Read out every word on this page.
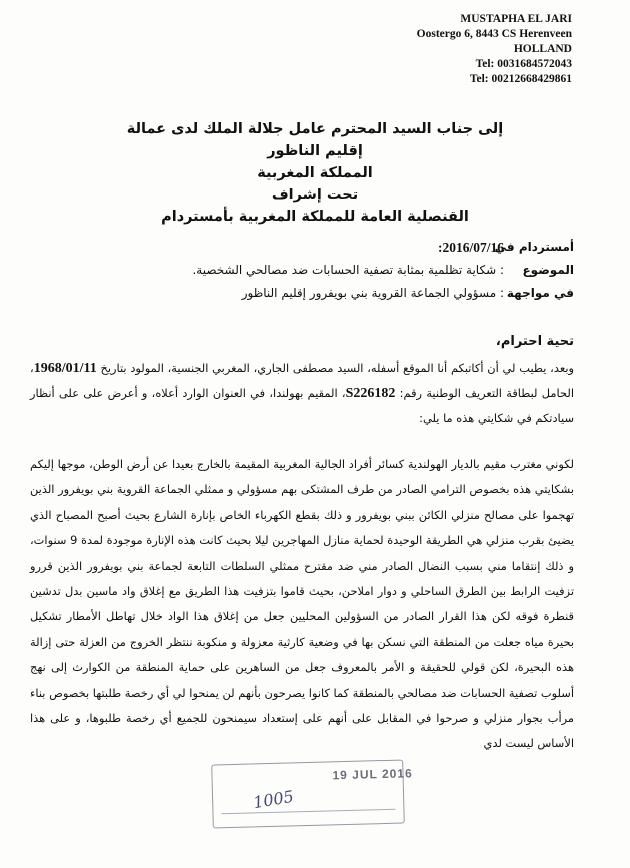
MUSTAPHA EL JARI
Oostergo 6, 8443 CS Herenveen
HOLLAND
Tel: 0031684572043
Tel: 00212668429861
إلى جناب السيد المحترم عامل جلالة الملك لدى عمالة
إقليم الناظور
المملكة المغربية
تحت إشراف
القنصلية العامة للمملكة المغربية بأمستردام
أمستردام في
2016/07/16:
الموضوع
: شكاية تظلمية بمثابة تصفية الحسابات ضد مصالحي الشخصية.
في مواجهة
: مسؤولي الجماعة القروية بني بويفرور إقليم الناظور
تحية احترام،
وبعد، يطيب لي أن أكاتبكم أنا الموقع أسفله، السيد مصطفى الجاري، المغربي الجنسية، المولود بتاريخ 1968/01/11، الحامل لبطاقة التعريف الوطنية رقم: S226182، المقيم بهولندا، في العنوان الوارد أعلاه، و أعرض على على أنظار سيادتكم في شكايتي هذه ما يلي:
لكوني مغترب مقيم بالديار الهولندية كسائر أفراد الجالية المغربية المقيمة بالخارج بعيدا عن أرض الوطن، موجها إليكم بشكايتي هذه بخصوص الترامي الصادر من طرف المشتكى بهم مسؤولي و ممثلي الجماعة القروية بني بويفرور الذين تهجموا على مصالح منزلي الكائن ببني بويفرور و ذلك بقطع الكهرباء الخاص بإنارة الشارع بحيث أصبح المصباح الذي يضيئ بقرب منزلي هي الطريقة الوحيدة لحماية منازل المهاجرين ليلا بحيث كانت هذه الإنارة موجودة لمدة 9 سنوات، و ذلك إنتقاما مني بسبب النضال الصادر مني ضد مقترح ممثلي السلطات التابعة لجماعة بني بويفرور الذين قررو تزفيت الرابط بين الطرق الساحلي و دوار املاحن، بحيث قاموا بتزفيت هذا الطريق مع إغلاق واد ماسين بدل تدشين قنطرة فوقه لكن هذا القرار الصادر من السؤولين المحليين جعل من إغلاق هذا الواد خلال تهاطل الأمطار تشكيل بحيرة مياه جعلت من المنطقة التي نسكن بها في وضعية كارثية معزولة و منكوبة ننتظر الخروج من العزلة حتى إزالة هذه البحيرة، لكن قولي للحقيقة و الأمر بالمعروف جعل من الساهرين على حماية المنطقة من الكوارث إلى نهج أسلوب تصفية الحسابات ضد مصالحي بالمنطقة كما كانوا يصرحون بأنهم لن يمنحوا لي أي رخصة طلبتها بخصوص بناء مرأب بجوار منزلي و صرحوا في المقابل على أنهم على إستعداد سيمنحون للجميع أي رخصة طلبوها، و على هذا الأساس ليست لدي
19 JUL 2016
1005
